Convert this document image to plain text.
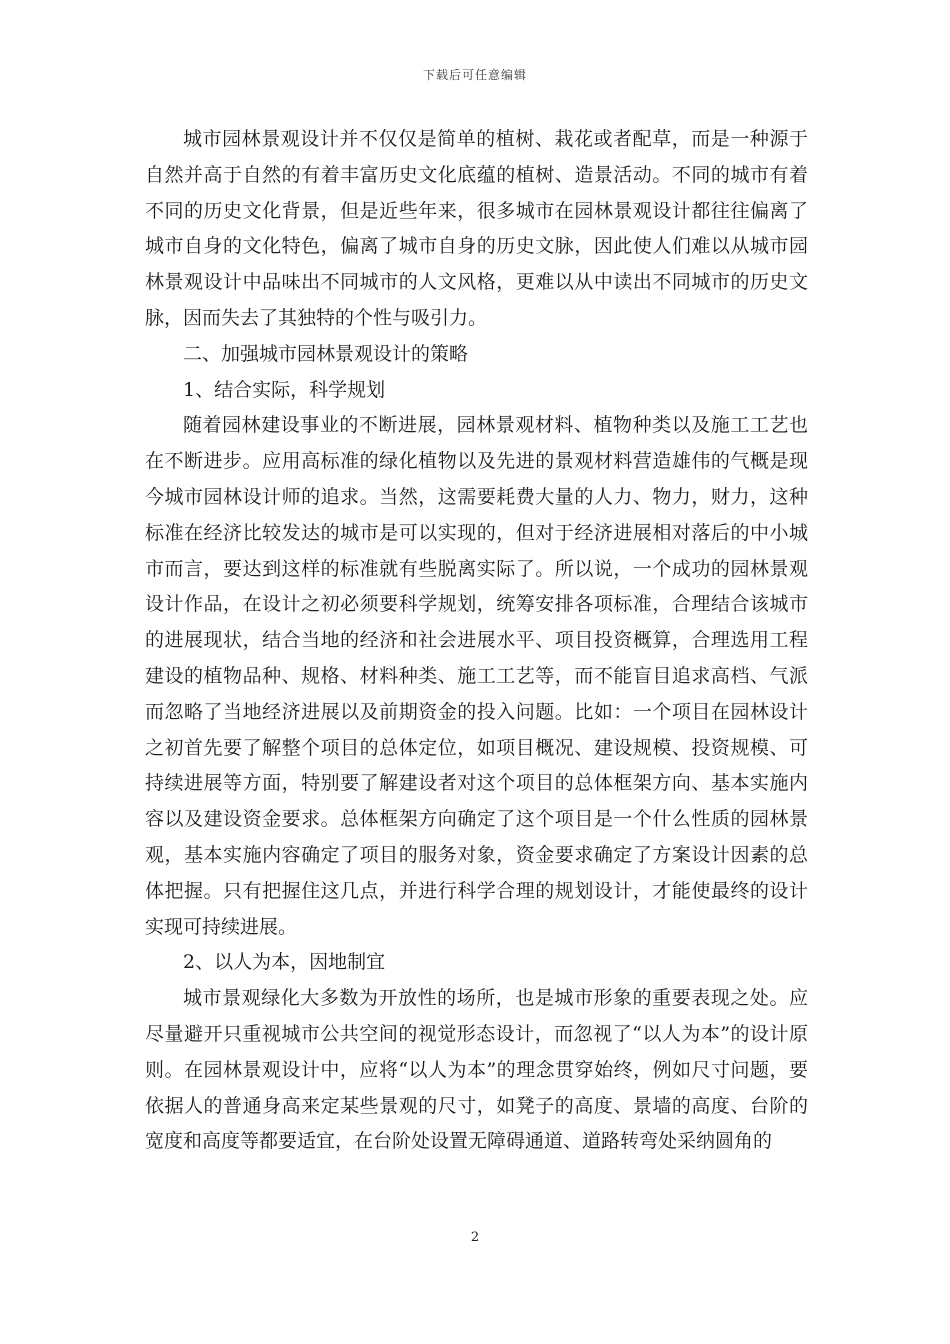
下载后可任意编辑

城市园林景观设计并不仅仅是简单的植树、栽花或者配草，而是一种源于自然并高于自然的有着丰富历史文化底蕴的植树、造景活动。不同的城市有着不同的历史文化背景，但是近些年来，很多城市在园林景观设计都往往偏离了城市自身的文化特色，偏离了城市自身的历史文脉，因此使人们难以从城市园林景观设计中品味出不同城市的人文风格，更难以从中读出不同城市的历史文脉，因而失去了其独特的个性与吸引力。

二、加强城市园林景观设计的策略

1、结合实际，科学规划

随着园林建设事业的不断进展，园林景观材料、植物种类以及施工工艺也在不断进步。应用高标准的绿化植物以及先进的景观材料营造雄伟的气概是现今城市园林设计师的追求。当然，这需要耗费大量的人力、物力，财力，这种标准在经济比较发达的城市是可以实现的，但对于经济进展相对落后的中小城市而言，要达到这样的标准就有些脱离实际了。所以说，一个成功的园林景观设计作品，在设计之初必须要科学规划，统筹安排各项标准，合理结合该城市的进展现状，结合当地的经济和社会进展水平、项目投资概算，合理选用工程建设的植物品种、规格、材料种类、施工工艺等，而不能盲目追求高档、气派而忽略了当地经济进展以及前期资金的投入问题。比如：一个项目在园林设计之初首先要了解整个项目的总体定位，如项目概况、建设规模、投资规模、可持续进展等方面，特别要了解建设者对这个项目的总体框架方向、基本实施内容以及建设资金要求。总体框架方向确定了这个项目是一个什么性质的园林景观，基本实施内容确定了项目的服务对象，资金要求确定了方案设计因素的总体把握。只有把握住这几点，并进行科学合理的规划设计，才能使最终的设计实现可持续进展。

2、以人为本，因地制宜

城市景观绿化大多数为开放性的场所，也是城市形象的重要表现之处。应尽量避开只重视城市公共空间的视觉形态设计，而忽视了“以人为本”的设计原则。在园林景观设计中，应将“以人为本”的理念贯穿始终，例如尺寸问题，要依据人的普通身高来定某些景观的尺寸，如凳子的高度、景墙的高度、台阶的宽度和高度等都要适宜，在台阶处设置无障碍通道、道路转弯处采纳圆角的

2
